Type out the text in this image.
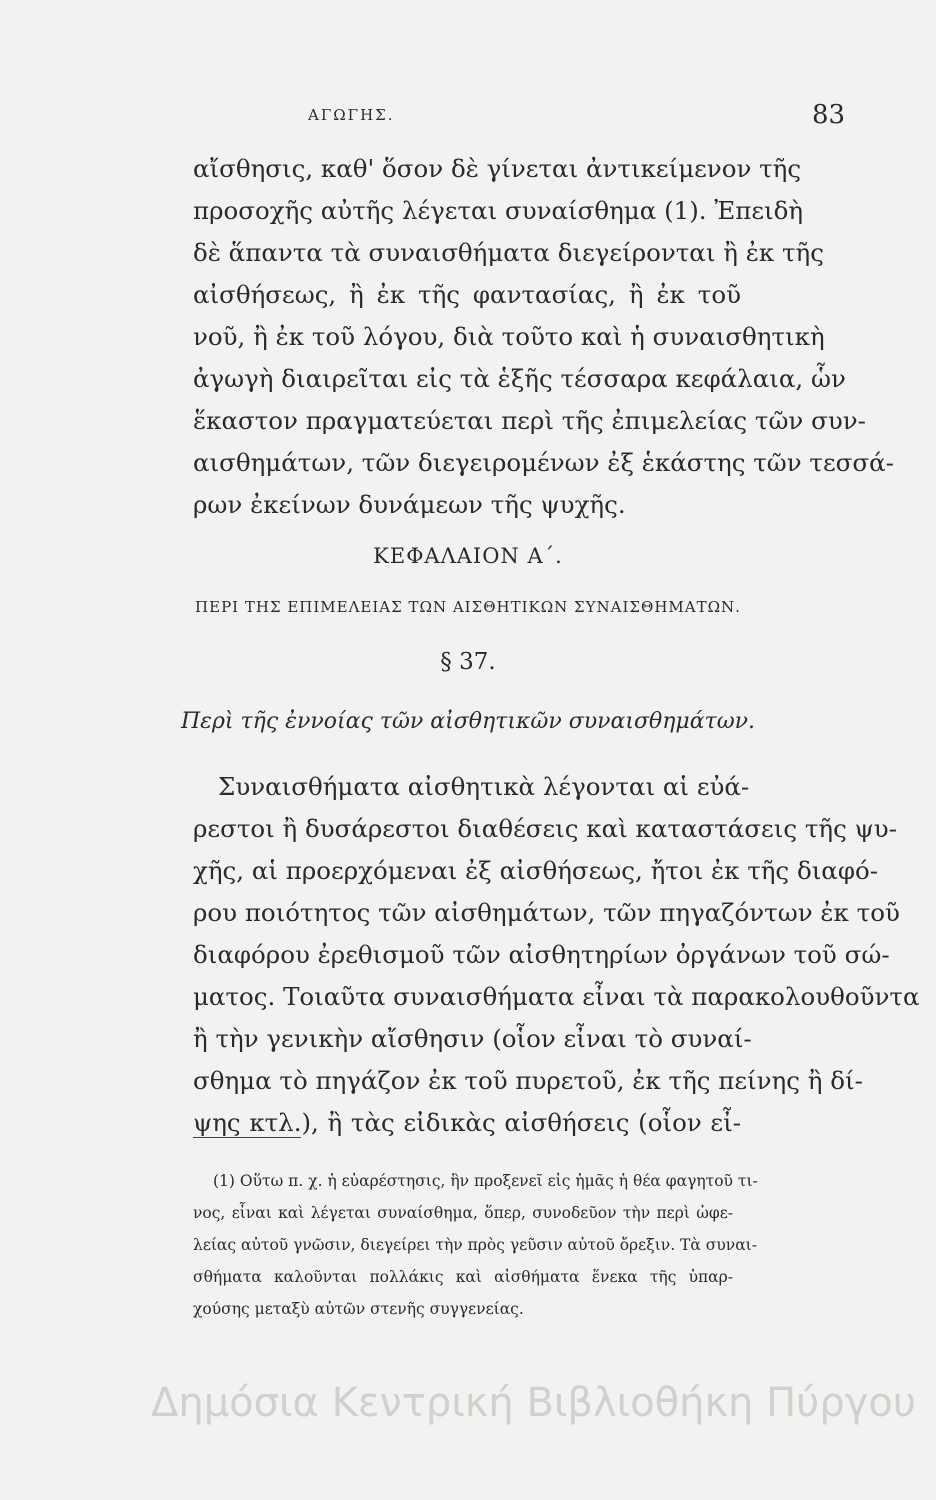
ΑΓΩΓΗΣ.	83
αἴσθησις, καθ' ὅσον δὲ γίνεται ἀντικείμενον τῆς
προσοχῆς αὐτῆς λέγεται συναίσθημα (1). Ἐπειδὴ
δὲ ἅπαντα τὰ συναισθήματα διεγείρονται ἢ ἐκ τῆς
αἰσθήσεως, ἢ ἐκ τῆς φαντασίας, ἢ ἐκ τοῦ
νοῦ, ἢ ἐκ τοῦ λόγου, διὰ τοῦτο καὶ ἡ συναισθητικὴ
ἀγωγὴ διαιρεῖται εἰς τὰ ἑξῆς τέσσαρα κεφάλαια, ὧν
ἕκαστον πραγματεύεται περὶ τῆς ἐπιμελείας τῶν συν-
αισθημάτων, τῶν διεγειρομένων ἐξ ἑκάστης τῶν τεσσά-
ρων ἐκείνων δυνάμεων τῆς ψυχῆς.
ΚΕΦΑΛΑΙΟΝ Α΄.
ΠΕΡΙ ΤΗΣ ΕΠΙΜΕΛΕΙΑΣ ΤΩΝ ΑΙΣΘΗΤΙΚΩΝ ΣΥΝΑΙΣΘΗΜΑΤΩΝ.
§ 37.
Περὶ τῆς ἐννοίας τῶν αἰσθητικῶν συναισθημάτων.
Συναισθήματα αἰσθητικὰ λέγονται αἱ εὐά-
ρεστοι ἢ δυσάρεστοι διαθέσεις καὶ καταστάσεις τῆς ψυ-
χῆς, αἱ προερχόμεναι ἐξ αἰσθήσεως, ἤτοι ἐκ τῆς διαφό-
ρου ποιότητος τῶν αἰσθημάτων, τῶν πηγαζόντων ἐκ τοῦ
διαφόρου ἐρεθισμοῦ τῶν αἰσθητηρίων ὀργάνων τοῦ σώ-
ματος. Τοιαῦτα συναισθήματα εἶναι τὰ παρακολουθοῦντα
ἢ τὴν γενικὴν αἴσθησιν (οἷον εἶναι τὸ συναί-
σθημα τὸ πηγάζον ἐκ τοῦ πυρετοῦ, ἐκ τῆς πείνης ἢ δί-
ψης κτλ.), ἢ τὰς εἰδικὰς αἰσθήσεις (οἷον εἶ-
(1) Οὕτω π. χ. ἡ εὐαρέστησις, ἣν προξενεῖ εἰς ἡμᾶς ἡ θέα φαγητοῦ τι-
νος, εἶναι καὶ λέγεται συναίσθημα, ὅπερ, συνοδεῦον τὴν περὶ ὠφε-
λείας αὐτοῦ γνῶσιν, διεγείρει τὴν πρὸς γεῦσιν αὐτοῦ ὄρεξιν. Τὰ συναι-
σθήματα καλοῦνται πολλάκις καὶ αἰσθήματα ἕνεκα τῆς ὑπαρ-
χούσης μεταξὺ αὐτῶν στενῆς συγγενείας.
Δημόσια Κεντρική Βιβλιοθήκη Πύργου
